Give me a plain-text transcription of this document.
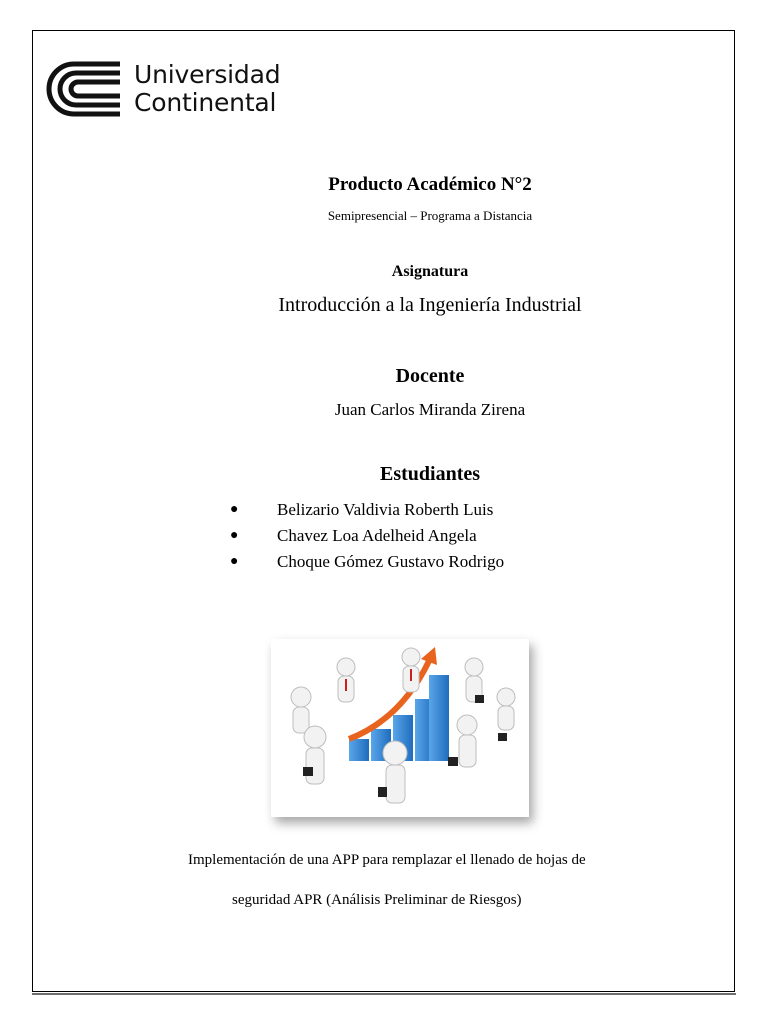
Universidad
Continental
Producto Académico N°2
Semipresencial – Programa a Distancia
Asignatura
Introducción a la Ingeniería Industrial
Docente
Juan Carlos Miranda Zirena
Estudiantes
●	Belizario Valdivia Roberth Luis
●	Chavez Loa Adelheid Angela
●	Choque Gómez Gustavo Rodrigo
Implementación de una APP para remplazar el llenado de hojas de
seguridad APR (Análisis Preliminar de Riesgos)
